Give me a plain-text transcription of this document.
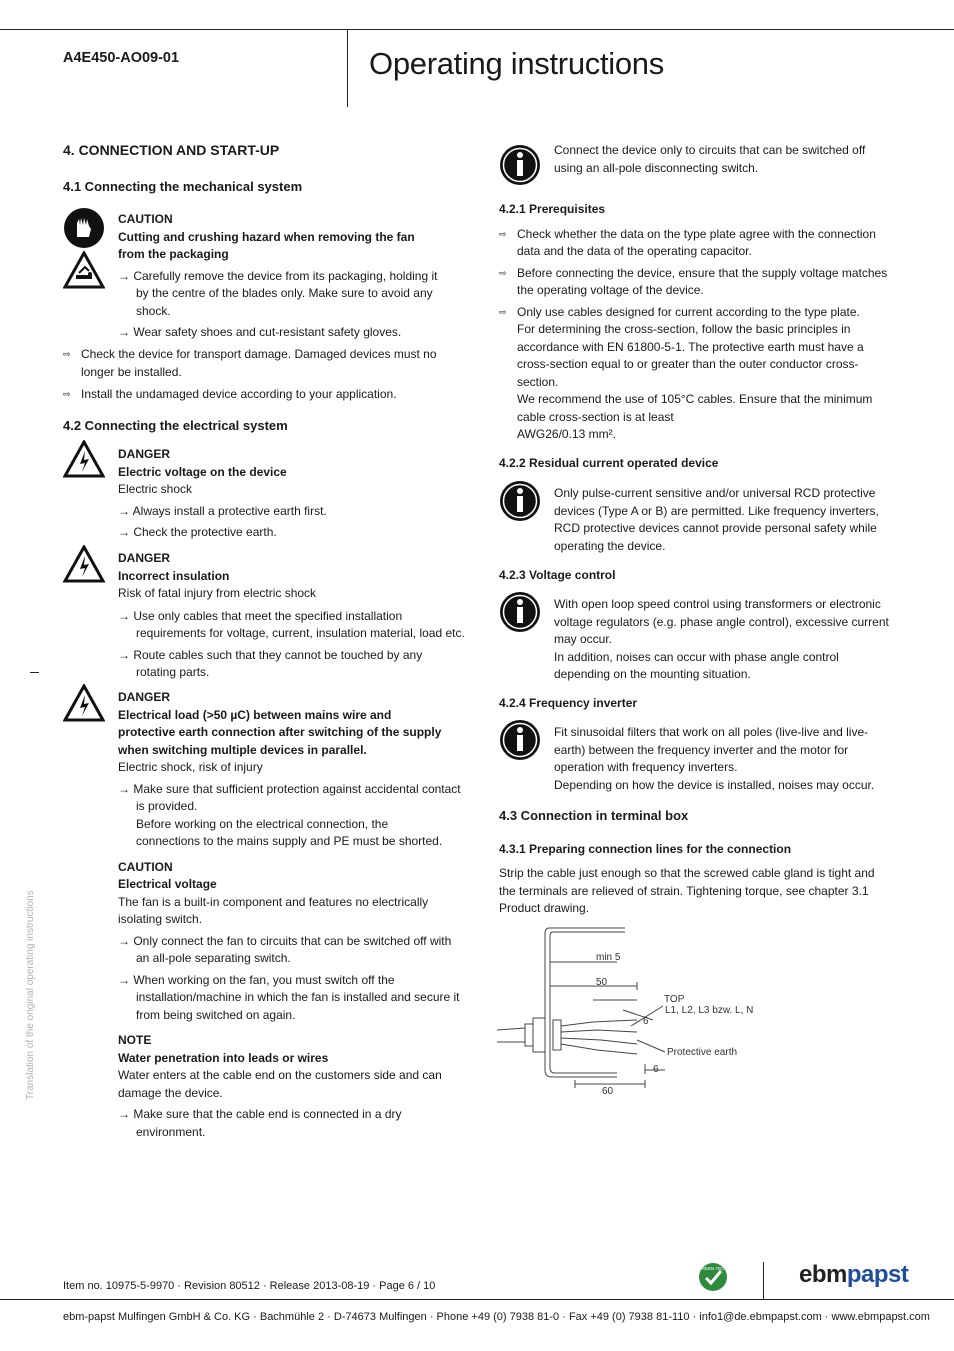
A4E450-AO09-01	Operating instructions
Translation of the original operating instructions
4. CONNECTION AND START-UP
4.1 Connecting the mechanical system
CAUTION
Cutting and crushing hazard when removing the fan
from the packaging
→ Carefully remove the device from its packaging, holding it
by the centre of the blades only. Make sure to avoid any
shock.
→ Wear safety shoes and cut-resistant safety gloves.
⇨ Check the device for transport damage. Damaged devices must no
longer be installed.
⇨ Install the undamaged device according to your application.
4.2 Connecting the electrical system
DANGER
Electric voltage on the device
Electric shock
→ Always install a protective earth first.
→ Check the protective earth.
DANGER
Incorrect insulation
Risk of fatal injury from electric shock
→ Use only cables that meet the specified installation
requirements for voltage, current, insulation material, load etc.
→ Route cables such that they cannot be touched by any
rotating parts.
DANGER
Electrical load (>50 µC) between mains wire and
protective earth connection after switching of the supply
when switching multiple devices in parallel.
Electric shock, risk of injury
→ Make sure that sufficient protection against accidental contact
is provided.
Before working on the electrical connection, the
connections to the mains supply and PE must be shorted.
CAUTION
Electrical voltage
The fan is a built-in component and features no electrically
isolating switch.
→ Only connect the fan to circuits that can be switched off with
an all-pole separating switch.
→ When working on the fan, you must switch off the
installation/machine in which the fan is installed and secure it
from being switched on again.
NOTE
Water penetration into leads or wires
Water enters at the cable end on the customers side and can
damage the device.
→ Make sure that the cable end is connected in a dry
environment.
Connect the device only to circuits that can be switched off
using an all-pole disconnecting switch.
4.2.1 Prerequisites
⇨ Check whether the data on the type plate agree with the connection
data and the data of the operating capacitor.
⇨ Before connecting the device, ensure that the supply voltage matches
the operating voltage of the device.
⇨ Only use cables designed for current according to the type plate.
For determining the cross-section, follow the basic principles in
accordance with EN 61800-5-1. The protective earth must have a
cross-section equal to or greater than the outer conductor cross-
section.
We recommend the use of 105°C cables. Ensure that the minimum
cable cross-section is at least
AWG26/0.13 mm².
4.2.2 Residual current operated device
Only pulse-current sensitive and/or universal RCD protective
devices (Type A or B) are permitted. Like frequency inverters,
RCD protective devices cannot provide personal safety while
operating the device.
4.2.3 Voltage control
With open loop speed control using transformers or electronic
voltage regulators (e.g. phase angle control), excessive current
may occur.
In addition, noises can occur with phase angle control
depending on the mounting situation.
4.2.4 Frequency inverter
Fit sinusoidal filters that work on all poles (live-live and live-
earth) between the frequency inverter and the motor for
operation with frequency inverters.
Depending on how the device is installed, noises may occur.
4.3 Connection in terminal box
4.3.1 Preparing connection lines for the connection
Strip the cable just enough so that the screwed cable gland is tight and
the terminals are relieved of strain. Tightening torque, see chapter 3.1
Product drawing.
min 5
50
TOP
L1, L2, L3 bzw. L, N
6
Protective earth
6
60
Item no. 10975-5-9970 · Revision 80512 · Release 2013-08-19 · Page 6 / 10
GREEN TECH	ebmpapst
ebm-papst Mulfingen GmbH & Co. KG · Bachmühle 2 · D-74673 Mulfingen · Phone +49 (0) 7938 81-0 · Fax +49 (0) 7938 81-110 · info1@de.ebmpapst.com · www.ebmpapst.com
